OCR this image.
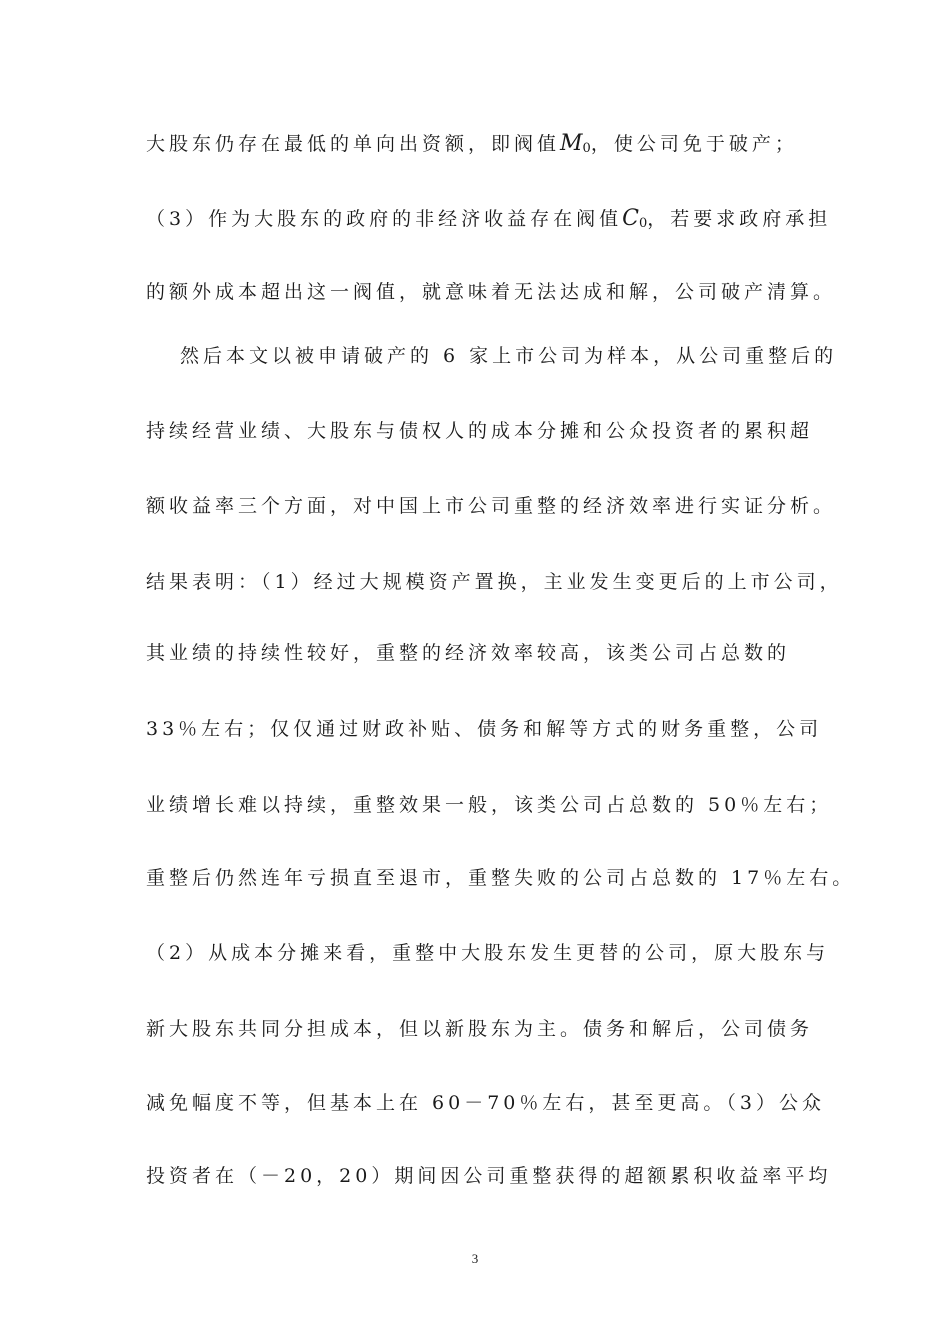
大股东仍存在最低的单向出资额，即阀值M0，使公司免于破产；
（3）作为大股东的政府的非经济收益存在阀值C0，若要求政府承担
的额外成本超出这一阀值，就意味着无法达成和解，公司破产清算。
然后本文以被申请破产的 6 家上市公司为样本，从公司重整后的
持续经营业绩、大股东与债权人的成本分摊和公众投资者的累积超
额收益率三个方面，对中国上市公司重整的经济效率进行实证分析。
结果表明：（1）经过大规模资产置换，主业发生变更后的上市公司，
其业绩的持续性较好，重整的经济效率较高，该类公司占总数的
33％左右；仅仅通过财政补贴、债务和解等方式的财务重整，公司
业绩增长难以持续，重整效果一般，该类公司占总数的 50％左右；
重整后仍然连年亏损直至退市，重整失败的公司占总数的 17％左右。
（2）从成本分摊来看，重整中大股东发生更替的公司，原大股东与
新大股东共同分担成本，但以新股东为主。债务和解后，公司债务
减免幅度不等，但基本上在 60－70％左右，甚至更高。（3）公众
投资者在（－20，20）期间因公司重整获得的超额累积收益率平均
3
